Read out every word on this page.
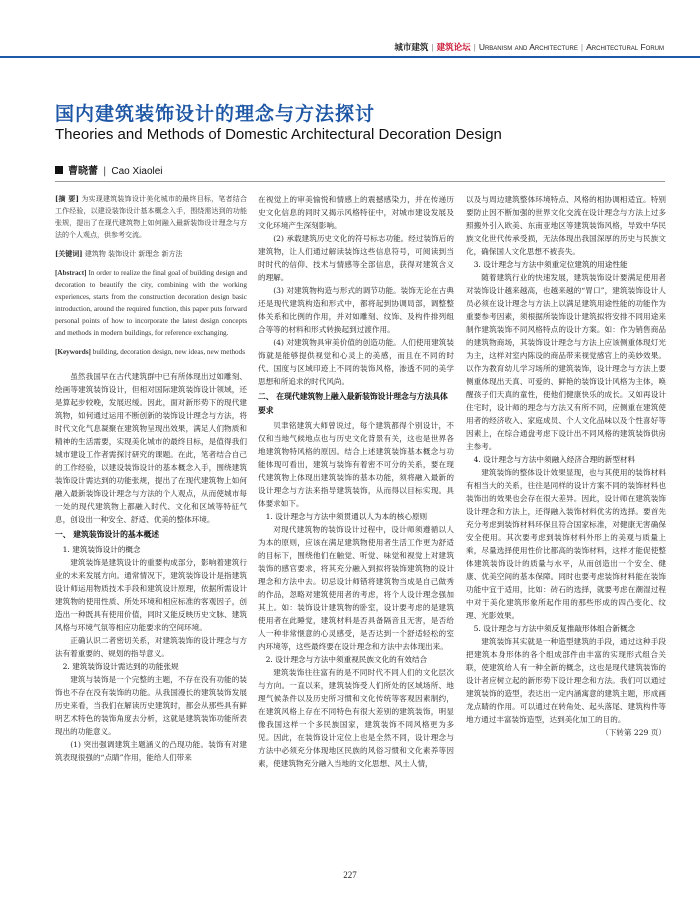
城市建筑 | 建筑论坛 | Urbanism and Architecture | Architectural Forum
国内建筑装饰设计的理念与方法探讨
Theories and Methods of Domestic Architectural Decoration Design
曹晓蕾 | Cao Xiaolei

[摘 要] 为实现建筑装饰设计美化城市的最终目标，笔者结合工作经验，以建设装饰设计基本概念入手，围绕需达到的功能张规，提出了在现代建筑物上如何融入最新装饰设计理念与方法的个人观点，供参考交流。

[关键词] 建筑物 装饰设计 新理念 新方法

[Abstract] In order to realize the final goal of building design and decoration to beautify the city, combining with the working experiences, starts from the construction decoration design basic introduction, around the required function, this paper puts forward personal points of how to incorporate the latest design concepts and methods in modern buildings, for reference exchanging.

[Keywords] building, decoration design, new ideas, new methods

虽然我国早在古代建筑群中已有所体现出过如雕刻、绘画等建筑装饰设计，但相对国际建筑装饰设计领域，还是算起步较晚，发展迟缓。因此，面对新形势下的现代建筑物，如何通过运用不断创新的装饰设计理念与方法，将时代文化气息凝聚在建筑物呈现出效果，满足人们物质和精神的生活需要，实现美化城市的最终目标，是值得我们城市建设工作者需探讨研究的课题。在此，笔者结合自己的工作经验，以建设装饰设计的基本概念入手，围绕建筑装饰设计需达到的功能张规，提出了在现代建筑物上如何融入最新装饰设计理念与方法的个人观点，从而使城市每一处的现代建筑物上都融入时代、文化和区域等特征气息，创设出一种安全、舒适、优美的整体环境。

一、 建筑装饰设计的基本概述

1. 建筑装饰设计的概念

建筑装饰是建筑设计的重要构成部分，影响着建筑行业的未来发展方向。通常情况下，建筑装饰设计是指建筑设计师运用物质技术手段和建筑设计原理，依据所需设计建筑物的使用性质、所处环境和相应标准的客观因子，创造出一种既具有使用价值，同时又能反映历史文脉、建筑风格与环境气氛等相应功能要求的空间环境。

正确认识二者密切关系，对建筑装饰的设计理念与方法有着重要的、规划的指导意义。

2. 建筑装饰设计需达到的功能张规

建筑与装饰是一个完整的主题，不存在没有功能的装饰也不存在没有装饰的功能。从我国漫长的建筑装饰发展历史来看，当我们在解读历史建筑时，都会从那些具有鲜明艺术特色的装饰角度去分析，这就是建筑装饰功能所表现出的功能意义。

(1) 突出强调建筑主题涵义的凸现功能。装饰有对建筑表现很强的“点睛”作用，能给人们带来

在视觉上的审美愉悦和情感上的震撼感染力，并在传递历史文化信息的同时又揭示风格特征中，对城市建设发展及文化环境产生深刻影响。

(2) 承载建筑历史文化的符号标志功能。经过装饰后的建筑物，让人们通过解读装饰这些信息符号，可阅读到当时时代的信仰、技术与情感等全部信息，获得对建筑含义的理解。

(3) 对建筑物构造与形式的调节功能。装饰无论在古典还是现代建筑构造和形式中，都将起到协调局部，调整整体关系和比例的作用，并对如雕刻、纹饰、及构件排列组合等等的材料和形式转换起到过渡作用。

(4) 对建筑物具审美价值的创造功能。人们使用建筑装饰就是能够提供视觉和心灵上的美感，而且在不同的时代、国度与区域印迹上不同的装饰风格，渗透不同的美学思想和所追求的时代风尚。

二、 在现代建筑物上融入最新装饰设计理念与方法具体要求

贝聿铭建筑大师曾说过，每个建筑都得个别设计，不仅和当地气候地点也与历史文化背景有关，这也是世界各地建筑物特风格的原因。结合上述建筑装饰基本概念与功能体现可看出，建筑与装饰有着密不可分的关系，要在现代建筑物上体现出建筑装饰的基本功能，须将融入最新的设计理念与方法来指导建筑装饰，从而得以目标实现。具体要求如下。

1. 设计理念与方法中须贯通以人为本的核心原则

对现代建筑物的装饰设计过程中，设计师须遵循以人为本的原则，应该在满足建筑物使用者生活工作更为舒适的目标下，围绕他们在触觉、听觉、味觉和视觉上对建筑装饰的感官要求，将其充分融入到拟将装饰建筑物的设计理念和方法中去。切忌设计师错将建筑物当成是自己做秀的作品，忽略对建筑使用者的考虑，将个人设计理念强加其上。如：装饰设计建筑物的卧室，设计要考虑的是建筑使用者在此睡觉，建筑材料是否具备隔音且无害，是否给人一种非常惬意的心灵感受，是否达到一个舒适轻松的室内环境等，这些最终要在设计理念和方法中去体现出来。

2. 设计理念与方法中须重视民族文化的有效结合

建筑装饰往往富有的是不同时代不同人们的文化层次与方向。一直以来，建筑装饰受人们所处的区域场所、地理气候条件以及历史所习惯和文化传统等客观因素制约，在建筑风格上存在不同特色有很大差别的建筑装饰，明显像我国这样一个多民族国家，建筑装饰不同风格更为多见。因此，在装饰设计定位上也是全然不同，设计理念与方法中必须充分体现地区民族的风俗习惯和文化素养等因素，使建筑物充分融入当地的文化思想、风土人情，

以及与周边建筑整体环境特点、风格的相协调相适宜。特别要防止因不断加强的世界文化交流在设计理念与方法上过多照搬外引入欧美、东南亚地区等建筑装饰风格，导致中华民族文化世代传承受损，无法体现出我国深厚的历史与民族文化，确保国人文化思想不被丧失。

3. 设计理念与方法中须重定位建筑的用途性能

随着建筑行业的快速发展，建筑装饰设计要满足使用者对装饰设计越来越高，也越来越的“胃口”，建筑装饰设计人员必须在设计理念与方法上以满足建筑用途性能的功能作为重要参考因素，须根据所装饰设计建筑拟将安排不同用途来制作建筑装饰不同风格特点的设计方案。如：作为销售商品的建筑物商场，其装饰设计理念与方法上应该侧重体现灯光为主，这样对室内陈设的商品带来视觉感官上的美妙效果。以作为教育幼儿学习场所的建筑装饰，设计理念与方法上要侧重体现出天真、可爱的、鲜艳的装饰设计风格为主体，唤醒孩子们天真的童性，使他们健康快乐的成长。又如再设计住宅时，设计师的理念与方法又有所不同，应侧重在建筑使用者的经济收入、家庭成员、个人文化品味以及个性喜好等因素上，在综合通盘考虑下设计出不同风格的建筑装饰供房主参考。

4. 设计理念与方法中须融入经济合理的新型材料

建筑装饰的整体设计效果显现，也与其使用的装饰材料有相当大的关系，往往是同样的设计方案不同的装饰材料也装饰出的效果也会存在很大差异。因此，设计师在建筑装饰设计理念和方法上，还得融入装饰材料优劣的选择。要首先充分考虑到装饰材料环保且符合国家标准，对健康无害确保安全使用。其次要考虑到装饰材料外形上的美观与质量上乘，尽量选择使用性价比都高的装饰材料，这样才能促使整体建筑装饰设计的质量与水平，从而创造出一个安全、健康、优美空间的基本保障。同时也要考虑装饰材料能在装饰功能中宜于适用，比如：砖石的选择，就要考虑在潮湿过程中对于美化建筑形象所起作用的那些形成的四凸变化、纹理、光影效果。

5. 设计理念与方法中须反复推敲形体组合新概念

建筑装饰其实就是一种造型建筑的手段，通过这种手段把建筑本身形体的各个组成部件由丰富的实现形式组合关联，使建筑给人有一种全新的概念，这也是现代建筑装饰的设计者应树立起的新形势下设计理念和方法。我们可以通过建筑装饰的造型，表达出一定内涵寓意的建筑主题，形成画龙点睛的作用。可以通过在转角处、起头落尾、建筑构件等地方通过丰富装饰造型，达到美化加工的目的。

（下转第 229 页）

227
